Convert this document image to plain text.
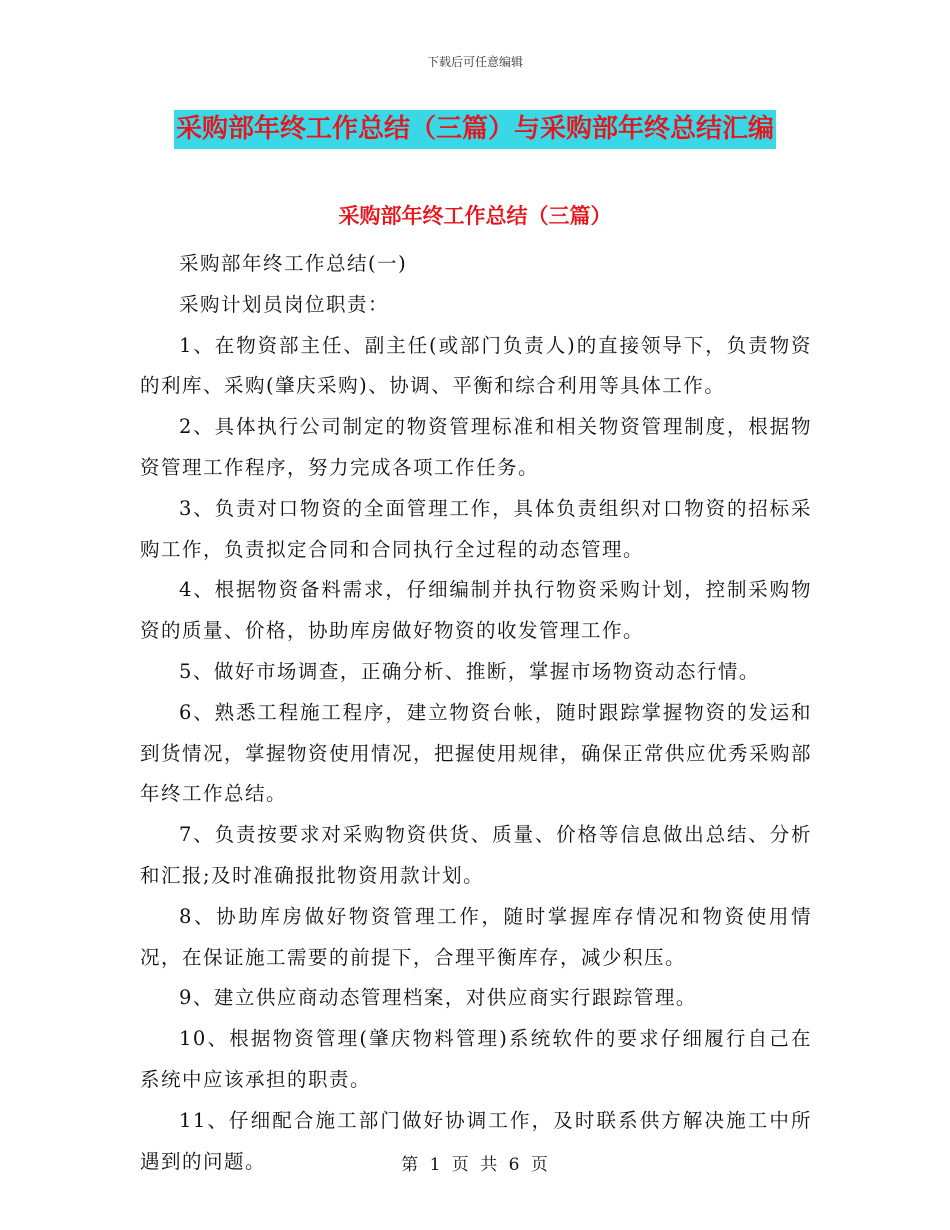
下载后可任意编辑
采购部年终工作总结（三篇）与采购部年终总结汇编
采购部年终工作总结（三篇）

采购部年终工作总结(一)

采购计划员岗位职责：

1、在物资部主任、副主任(或部门负责人)的直接领导下，负责物资的利库、采购(肇庆采购)、协调、平衡和综合利用等具体工作。

2、具体执行公司制定的物资管理标准和相关物资管理制度，根据物资管理工作程序，努力完成各项工作任务。

3、负责对口物资的全面管理工作，具体负责组织对口物资的招标采购工作，负责拟定合同和合同执行全过程的动态管理。

4、根据物资备料需求，仔细编制并执行物资采购计划，控制采购物资的质量、价格，协助库房做好物资的收发管理工作。

5、做好市场调查，正确分析、推断，掌握市场物资动态行情。

6、熟悉工程施工程序，建立物资台帐，随时跟踪掌握物资的发运和到货情况，掌握物资使用情况，把握使用规律，确保正常供应优秀采购部年终工作总结。

7、负责按要求对采购物资供货、质量、价格等信息做出总结、分析和汇报;及时准确报批物资用款计划。

8、协助库房做好物资管理工作，随时掌握库存情况和物资使用情况，在保证施工需要的前提下，合理平衡库存，减少积压。

9、建立供应商动态管理档案，对供应商实行跟踪管理。

10、根据物资管理(肇庆物料管理)系统软件的要求仔细履行自己在系统中应该承担的职责。

11、仔细配合施工部门做好协调工作，及时联系供方解决施工中所遇到的问题。	第 1 页 共 6 页
